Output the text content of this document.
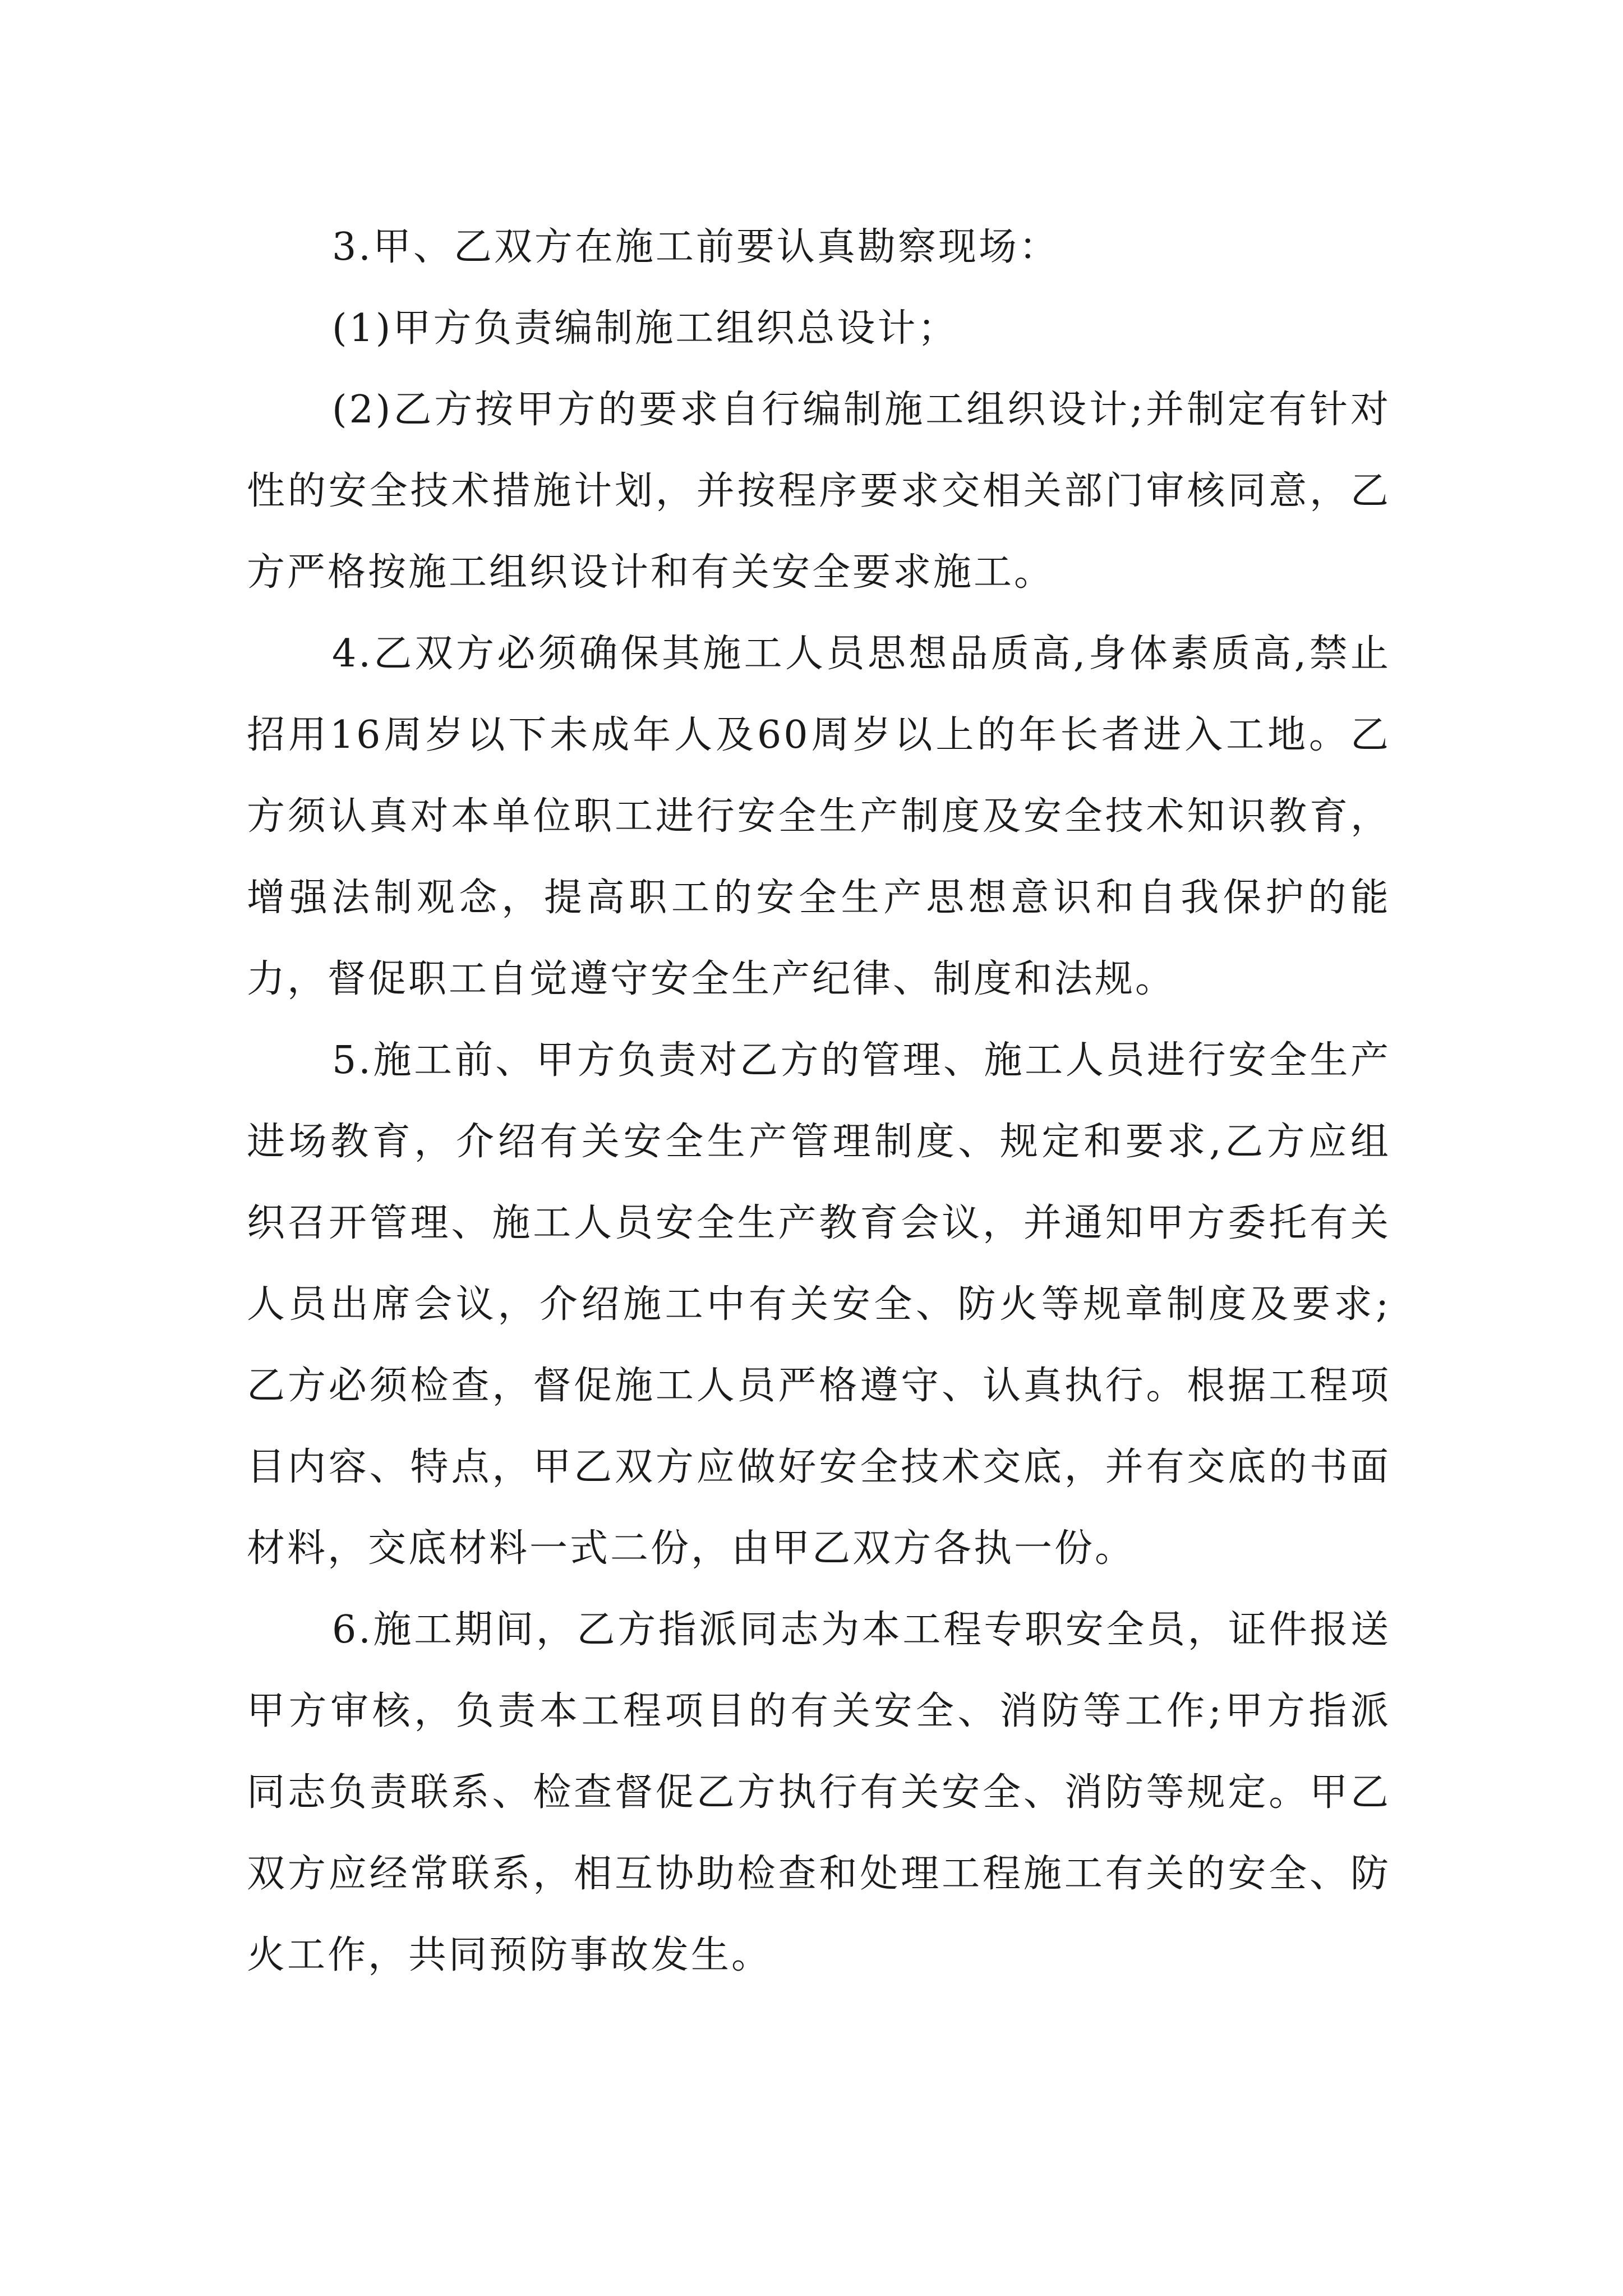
3.甲、乙双方在施工前要认真勘察现场：

(1)甲方负责编制施工组织总设计；

(2)乙方按甲方的要求自行编制施工组织设计;并制定有针对性的安全技术措施计划，并按程序要求交相关部门审核同意，乙方严格按施工组织设计和有关安全要求施工。

4.乙双方必须确保其施工人员思想品质高,身体素质高,禁止招用16周岁以下未成年人及60周岁以上的年长者进入工地。乙方须认真对本单位职工进行安全生产制度及安全技术知识教育，增强法制观念，提高职工的安全生产思想意识和自我保护的能力，督促职工自觉遵守安全生产纪律、制度和法规。

5.施工前、甲方负责对乙方的管理、施工人员进行安全生产进场教育，介绍有关安全生产管理制度、规定和要求,乙方应组织召开管理、施工人员安全生产教育会议，并通知甲方委托有关人员出席会议，介绍施工中有关安全、防火等规章制度及要求;乙方必须检查，督促施工人员严格遵守、认真执行。根据工程项目内容、特点，甲乙双方应做好安全技术交底，并有交底的书面材料，交底材料一式二份，由甲乙双方各执一份。

6.施工期间，乙方指派同志为本工程专职安全员，证件报送甲方审核，负责本工程项目的有关安全、消防等工作;甲方指派同志负责联系、检查督促乙方执行有关安全、消防等规定。甲乙双方应经常联系，相互协助检查和处理工程施工有关的安全、防火工作，共同预防事故发生。
